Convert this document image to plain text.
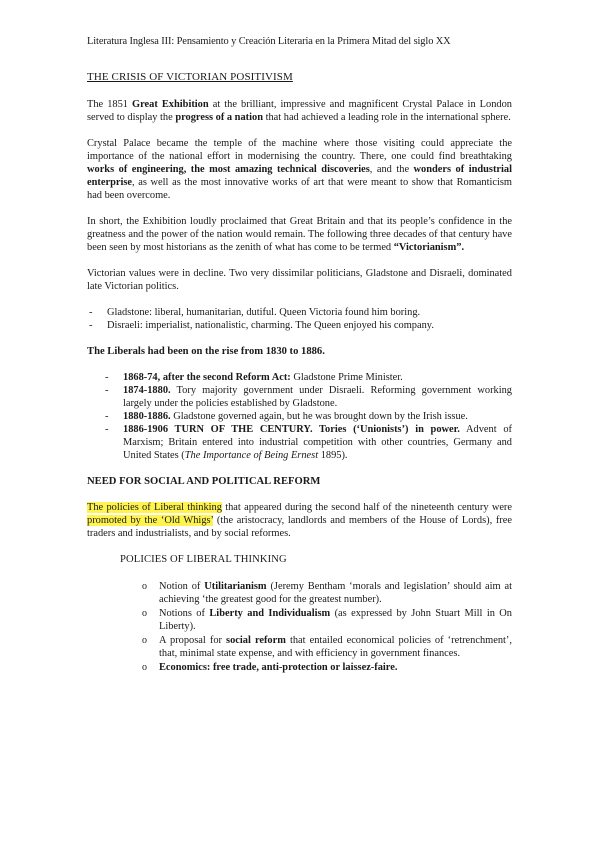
Literatura Inglesa III: Pensamiento y Creación Literaria en la Primera Mitad del siglo XX
THE CRISIS OF VICTORIAN POSITIVISM

The 1851 Great Exhibition at the brilliant, impressive and magnificent Crystal Palace in London served to display the progress of a nation that had achieved a leading role in the international sphere.

Crystal Palace became the temple of the machine where those visiting could appreciate the importance of the national effort in modernising the country. There, one could find breathtaking works of engineering, the most amazing technical discoveries, and the wonders of industrial enterprise, as well as the most innovative works of art that were meant to show that Romanticism had been overcome.

In short, the Exhibition loudly proclaimed that Great Britain and that its people’s confidence in the greatness and the power of the nation would remain. The following three decades of that century have been seen by most historians as the zenith of what has come to be termed “Victorianism”.

Victorian values were in decline. Two very dissimilar politicians, Gladstone and Disraeli, dominated late Victorian politics.

- Gladstone: liberal, humanitarian, dutiful. Queen Victoria found him boring.
- Disraeli: imperialist, nationalistic, charming. The Queen enjoyed his company.
The Liberals had been on the rise from 1830 to 1886.
- 1868-74, after the second Reform Act: Gladstone Prime Minister.
- 1874-1880. Tory majority government under Disraeli. Reforming government working largely under the policies established by Gladstone.
- 1880-1886. Gladstone governed again, but he was brought down by the Irish issue.
- 1886-1906 TURN OF THE CENTURY. Tories (‘Unionists’) in power. Advent of Marxism; Britain entered into industrial competition with other countries, Germany and United States (The Importance of Being Ernest 1895).
NEED FOR SOCIAL AND POLITICAL REFORM

The policies of Liberal thinking that appeared during the second half of the nineteenth century were promoted by the ‘Old Whigs’ (the aristocracy, landlords and members of the House of Lords), free traders and industrialists, and by social reformes.

POLICIES OF LIBERAL THINKING
o Notion of Utilitarianism (Jeremy Bentham ‘morals and legislation’ should aim at achieving ‘the greatest good for the greatest number).
o Notions of Liberty and Individualism (as expressed by John Stuart Mill in On Liberty).
o A proposal for social reform that entailed economical policies of ‘retrenchment’, that, minimal state expense, and with efficiency in government finances.
o Economics: free trade, anti-protection or laissez-faire.
